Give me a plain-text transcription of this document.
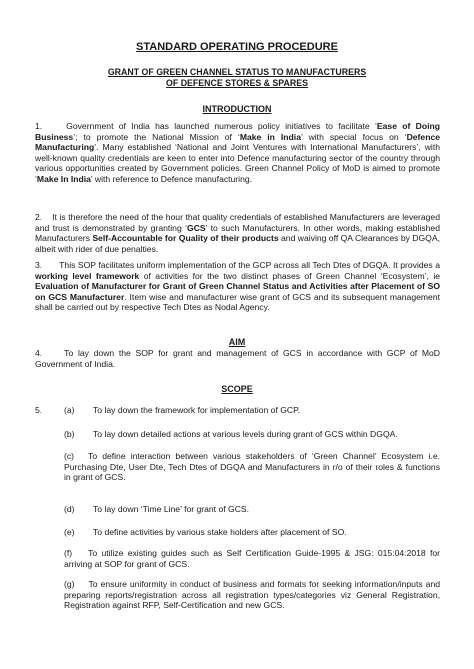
STANDARD OPERATING PROCEDURE
GRANT OF GREEN CHANNEL STATUS TO MANUFACTURERS
OF DEFENCE STORES & SPARES
INTRODUCTION
1.	Government of India has launched numerous policy initiatives to facilitate ‘Ease of Doing Business’; to promote the National Mission of ‘Make in India’ with special focus on ‘Defence Manufacturing’. Many established ‘National and Joint Ventures with International Manufacturers’, with well-known quality credentials are keen to enter into Defence manufacturing sector of the country through various opportunities created by Government policies. Green Channel Policy of MoD is aimed to promote ‘Make In India’ with reference to Defence manufacturing.
2. It is therefore the need of the hour that quality credentials of established Manufacturers are leveraged and trust is demonstrated by granting ‘GCS’ to such Manufacturers. In other words, making established Manufacturers Self-Accountable for Quality of their products and waiving off QA Clearances by DGQA, albeit with rider of due penalties.
3. This SOP facilitates uniform implementation of the GCP across all Tech Dtes of DGQA. It provides a working level framework of activities for the two distinct phases of Green Channel ‘Ecosystem’, ie Evaluation of Manufacturer for Grant of Green Channel Status and Activities after Placement of SO on GCS Manufacturer. Item wise and manufacturer wise grant of GCS and its subsequent management shall be carried out by respective Tech Dtes as Nodal Agency.
AIM
4.	To lay down the SOP for grant and management of GCS in accordance with GCP of MoD Government of India.
SCOPE
5.	(a) To lay down the framework for implementation of GCP.
(b) To lay down detailed actions at various levels during grant of GCS within DGQA.
(c) To define interaction between various stakeholders of ‘Green Channel’ Ecosystem i.e. Purchasing Dte, User Dte, Tech Dtes of DGQA and Manufacturers in r/o of their roles & functions in grant of GCS.
(d) To lay down ‘Time Line’ for grant of GCS.
(e) To define activities by various stake holders after placement of SO.
(f) To utilize existing guides such as Self Certification Guide-1995 & JSG: 015:04:2018 for arriving at SOP for grant of GCS.
(g) To ensure uniformity in conduct of business and formats for seeking information/inputs and preparing reports/registration across all registration types/categories viz General Registration, Registration against RFP, Self-Certification and new GCS.
